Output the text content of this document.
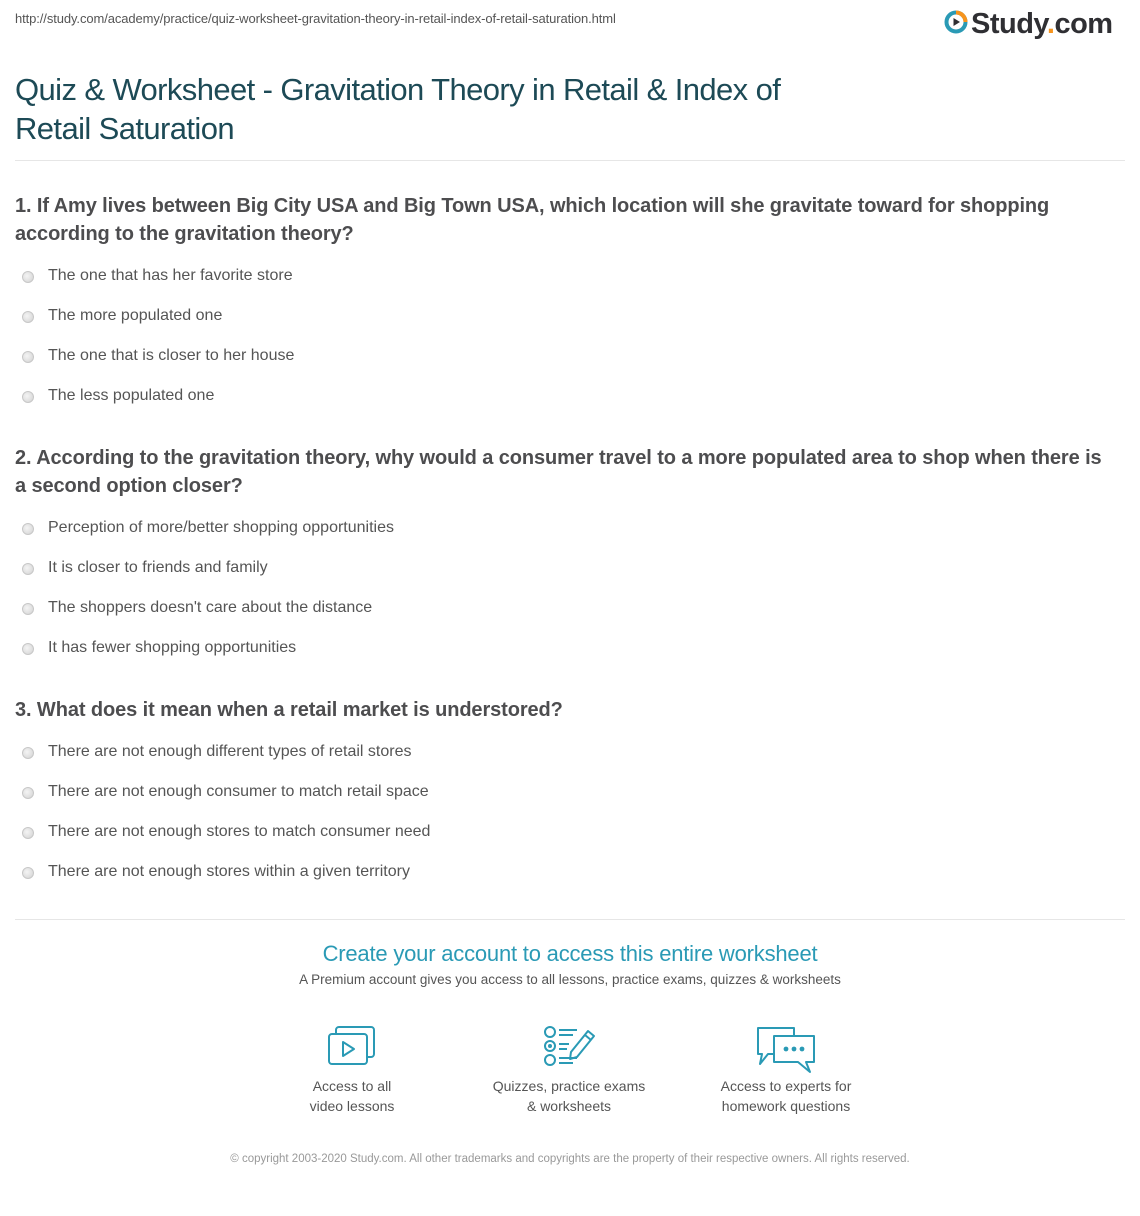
http://study.com/academy/practice/quiz-worksheet-gravitation-theory-in-retail-index-of-retail-saturation.html	Study.com
Quiz & Worksheet - Gravitation Theory in Retail & Index of Retail Saturation

1. If Amy lives between Big City USA and Big Town USA, which location will she gravitate toward for shopping according to the gravitation theory?

The one that has her favorite store
The more populated one
The one that is closer to her house
The less populated one

2. According to the gravitation theory, why would a consumer travel to a more populated area to shop when there is a second option closer?

Perception of more/better shopping opportunities
It is closer to friends and family
The shoppers doesn't care about the distance
It has fewer shopping opportunities

3. What does it mean when a retail market is understored?

There are not enough different types of retail stores
There are not enough consumer to match retail space
There are not enough stores to match consumer need
There are not enough stores within a given territory
Create your account to access this entire worksheet
A Premium account gives you access to all lessons, practice exams, quizzes & worksheets
Access to all
video lessons
Quizzes, practice exams
& worksheets
Access to experts for
homework questions
© copyright 2003-2020 Study.com. All other trademarks and copyrights are the property of their respective owners. All rights reserved.
